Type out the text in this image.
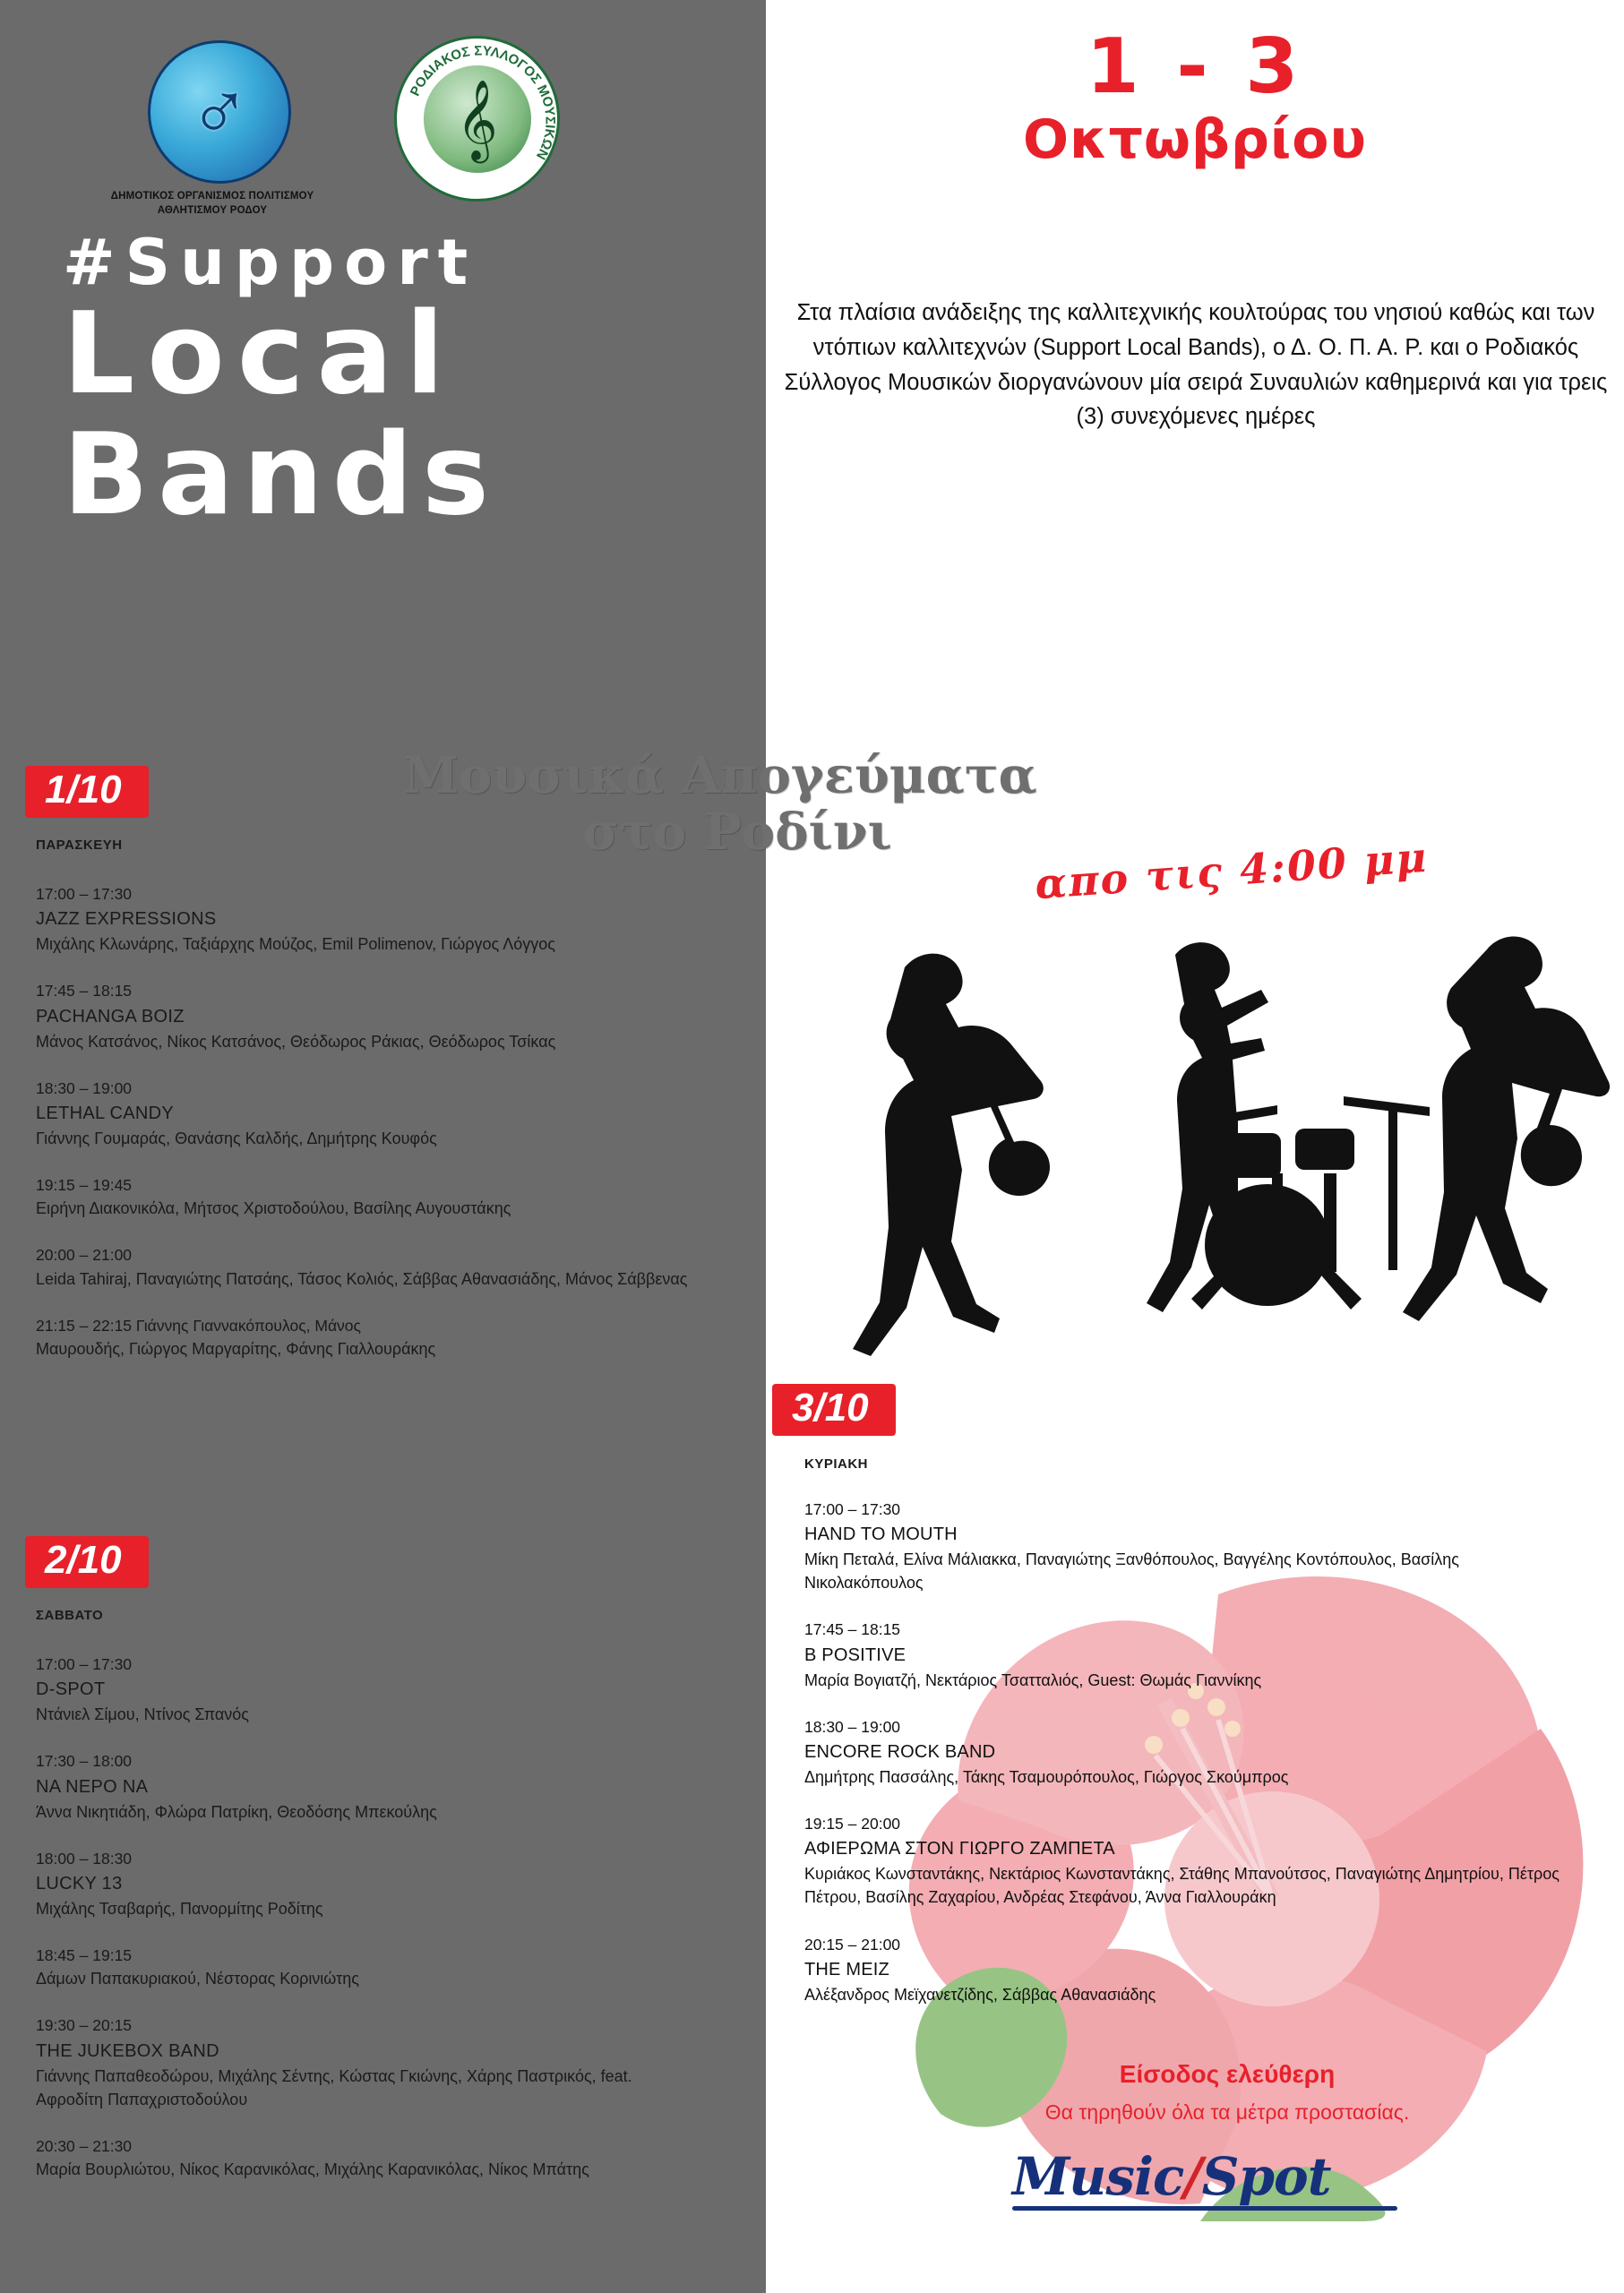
♂
ΔΗΜΟΤΙΚΟΣ ΟΡΓΑΝΙΣΜΟΣ ΠΟΛΙΤΙΣΜΟΥ ΑΘΛΗΤΙΣΜΟΥ ΡΟΔΟΥ
ΡΟΔΙΑΚΟΣ ΣΥΛΛΟΓΟΣ ΜΟΥΣΙΚΩΝ
𝄞
#Support
Local
Bands
1 - 3
Οκτωβρίου
Στα πλαίσια ανάδειξης της καλλιτεχνικής κουλτούρας του νησιού καθώς και των ντόπιων καλλιτεχνών (Support Local Bands), ο Δ. Ο. Π. Α. Ρ. και ο Ροδιακός Σύλλογος Μουσικών διοργανώνουν μία σειρά Συναυλιών καθημερινά και για τρεις (3) συνεχόμενες ημέρες
Μουσικά Απογεύματα
στο Ροδίνι
απο τις 4:00 μμ
1/10
ΠΑΡΑΣΚΕΥΗ
17:00 – 17:30
JAZZ EXPRESSIONS
Μιχάλης Κλωνάρης, Ταξιάρχης Μούζος, Emil Polimenov, Γιώργος Λόγγος
17:45 – 18:15
PACHANGA BOIZ
Μάνος Κατσάνος, Νίκος Κατσάνος, Θεόδωρος Ράκιας, Θεόδωρος Τσίκας
18:30 – 19:00
LETHAL CANDY
Γιάννης Γουμαράς, Θανάσης Καλδής, Δημήτρης Κουφός
19:15 – 19:45
Ειρήνη Διακονικόλα, Μήτσος Χριστοδούλου, Βασίλης Αυγουστάκης
20:00 – 21:00
Leida Tahiraj, Παναγιώτης Πατσάης, Τάσος Κολιός, Σάββας Αθανασιάδης, Μάνος Σάββενας
21:15 – 22:15 Γιάννης Γιαννακόπουλος, Μάνος
Μαυρουδής, Γιώργος Μαργαρίτης, Φάνης Γιαλλουράκης
2/10
ΣΑΒΒΑΤΟ
17:00 – 17:30
D-SPOT
Ντάνιελ Σίμου, Ντίνος Σπανός
17:30 – 18:00
NA NEPO NA
Άννα Νικητιάδη, Φλώρα Πατρίκη, Θεοδόσης Μπεκούλης
18:00 – 18:30
LUCKY 13
Μιχάλης Τσαβαρής, Πανορμίτης Ροδίτης
18:45 – 19:15
Δάμων Παπακυριακού, Νέστορας Κορινιώτης
19:30 – 20:15
THE JUKEBOX BAND
Γιάννης Παπαθεοδώρου, Μιχάλης Σέντης, Κώστας Γκιώνης, Χάρης Παστρικός, feat. Αφροδίτη Παπαχριστοδούλου
20:30 – 21:30
Μαρία Βουρλιώτου, Νίκος Καρανικόλας, Μιχάλης Καρανικόλας, Νίκος Μπάτης
3/10
ΚΥΡΙΑΚΗ
17:00 – 17:30
HAND TO MOUTH
Μίκη Πεταλά, Ελίνα Μάλιακκα, Παναγιώτης Ξανθόπουλος, Βαγγέλης Κοντόπουλος, Βασίλης Νικολακόπουλος
17:45 – 18:15
B POSITIVE
Μαρία Βογιατζή, Νεκτάριος Τσατταλιός, Guest: Θωμάς Γιαννίκης
18:30 – 19:00
ENCORE ROCK BAND
Δημήτρης Πασσάλης, Τάκης Τσαμουρόπουλος, Γιώργος Σκούμπρος
19:15 – 20:00
ΑΦΙΕΡΩΜΑ ΣΤΟΝ ΓΙΩΡΓΟ ΖΑΜΠΕΤΑ
Κυριάκος Κωνσταντάκης, Νεκτάριος Κωνσταντάκης, Στάθης Μπανούτσος, Παναγιώτης Δημητρίου, Πέτρος Πέτρου, Βασίλης Ζαχαρίου, Ανδρέας Στεφάνου, Άννα Γιαλλουράκη
20:15 – 21:00
THE MEIZ
Αλέξανδρος Μεϊχανετζίδης, Σάββας Αθανασιάδης
Είσοδος ελεύθερη
Θα τηρηθούν όλα τα μέτρα προστασίας.
Music/Spot
